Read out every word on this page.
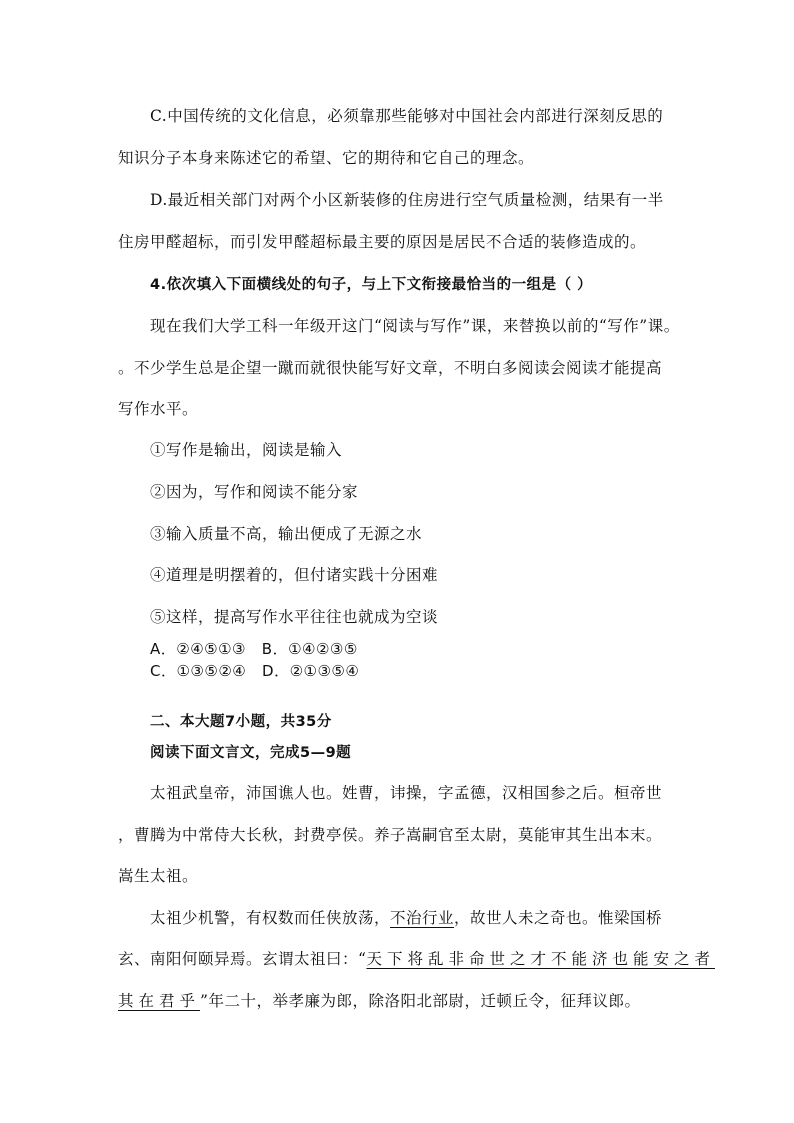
C.中国传统的文化信息，必须靠那些能够对中国社会内部进行深刻反思的
知识分子本身来陈述它的希望、它的期待和它自己的理念。
D.最近相关部门对两个小区新装修的住房进行空气质量检测，结果有一半
住房甲醛超标，而引发甲醛超标最主要的原因是居民不合适的装修造成的。
4.依次填入下面横线处的句子，与上下文衔接最恰当的一组是（ ）
现在我们大学工科一年级开这门“阅读与写作”课，来替换以前的“写作”课。
。不少学生总是企望一蹴而就很快能写好文章，不明白多阅读会阅读才能提高
写作水平。
①写作是输出，阅读是输入
②因为，写作和阅读不能分家
③输入质量不高，输出便成了无源之水
④道理是明摆着的，但付诸实践十分困难
⑤这样，提高写作水平往往也就成为空谈
A．②④⑤①③   B．①④②③⑤
C．①③⑤②④   D．②①③⑤④
二、本大题7小题，共35分
阅读下面文言文，完成5—9题
太祖武皇帝，沛国谯人也。姓曹，讳操，字孟德，汉相国参之后。桓帝世
，曹腾为中常侍大长秋，封费亭侯。养子嵩嗣官至太尉，莫能审其生出本末。
嵩生太祖。
太祖少机警，有权数而任侠放荡，不治行业，故世人未之奇也。惟梁国桥
玄、南阳何颐异焉。玄谓太祖曰：“天下将乱非命世之才不能济也能安之者
其在君乎”年二十，举孝廉为郎，除洛阳北部尉，迁顿丘令，征拜议郎。
